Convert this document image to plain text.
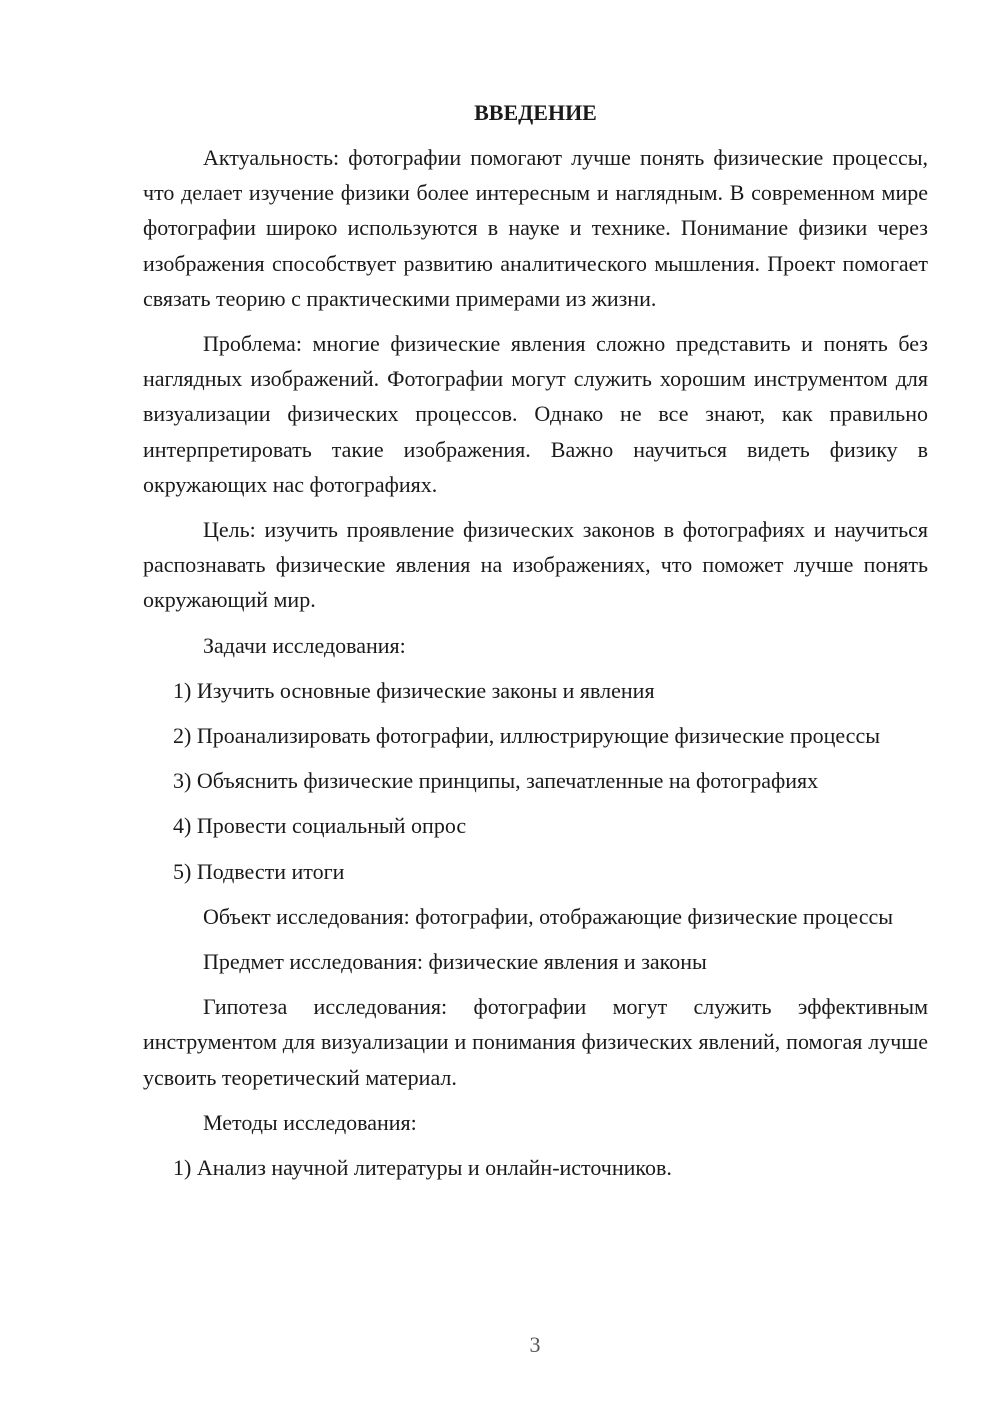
ВВЕДЕНИЕ

Актуальность: фотографии помогают лучше понять физические процессы, что делает изучение физики более интересным и наглядным. В современном мире фотографии широко используются в науке и технике. Понимание физики через изображения способствует развитию аналитического мышления. Проект помогает связать теорию с практическими примерами из жизни.

Проблема: многие физические явления сложно представить и понять без наглядных изображений. Фотографии могут служить хорошим инструментом для визуализации физических процессов. Однако не все знают, как правильно интерпретировать такие изображения. Важно научиться видеть физику в окружающих нас фотографиях.

Цель: изучить проявление физических законов в фотографиях и научиться распознавать физические явления на изображениях, что поможет лучше понять окружающий мир.

Задачи исследования:

1) Изучить основные физические законы и явления

2) Проанализировать фотографии, иллюстрирующие физические процессы

3) Объяснить физические принципы, запечатленные на фотографиях

4) Провести социальный опрос

5) Подвести итоги

Объект исследования: фотографии, отображающие физические процессы

Предмет исследования: физические явления и законы

Гипотеза исследования: фотографии могут служить эффективным инструментом для визуализации и понимания физических явлений, помогая лучше усвоить теоретический материал.

Методы исследования:

1) Анализ научной литературы и онлайн-источников.

3
